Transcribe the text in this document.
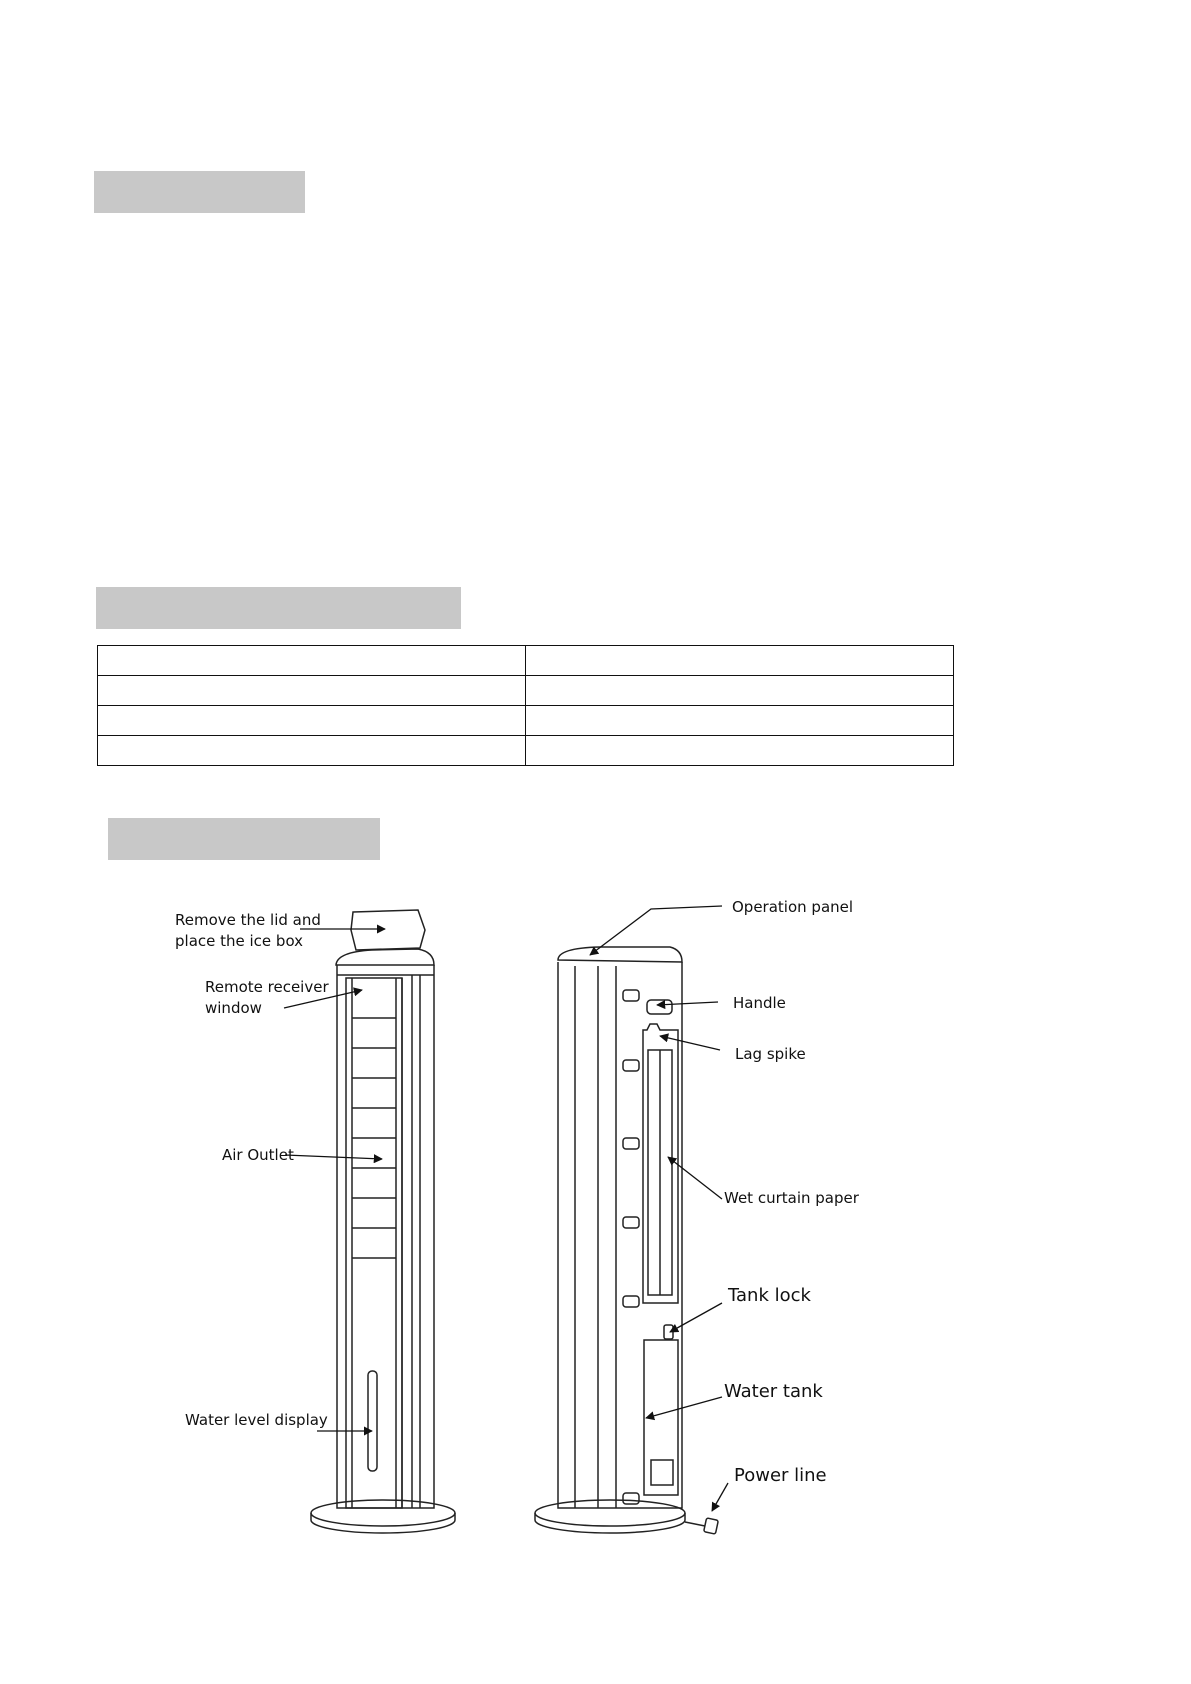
Remove the lid and
place the ice box
Remote receiver
window
Air Outlet
Water level display
Operation panel
Handle
Lag spike
Wet curtain paper
Tank lock
Water tank
Power line
